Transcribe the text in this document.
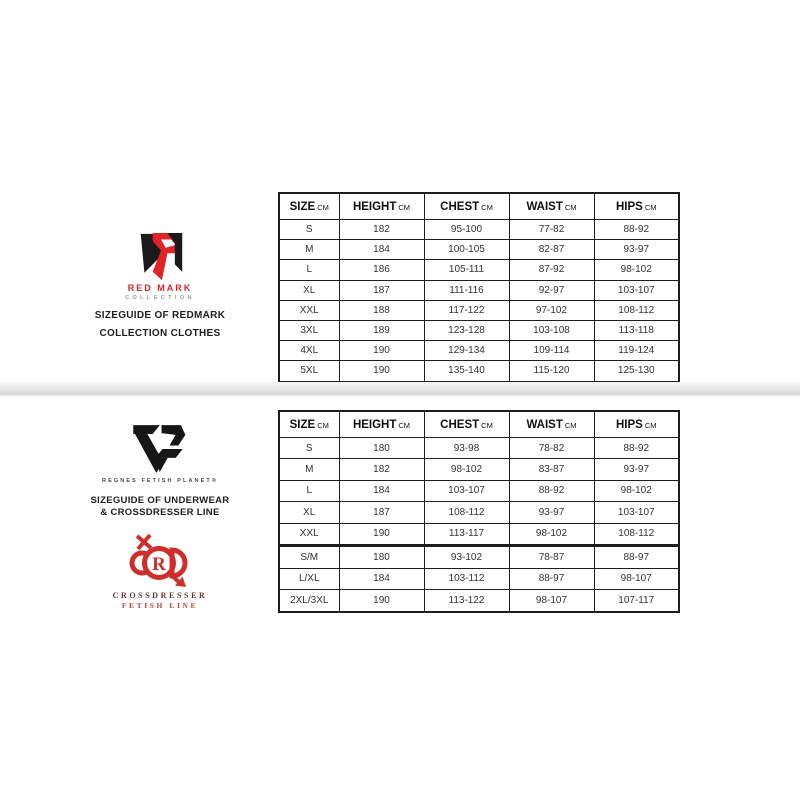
RED MARK
COLLECTION
SIZEGUIDE OF REDMARK
COLLECTION CLOTHES
SIZE CM	HEIGHT CM	CHEST CM	WAIST CM	HIPS CM
S	182	95-100	77-82	88-92
M	184	100-105	82-87	93-97
L	186	105-111	87-92	98-102
XL	187	111-116	92-97	103-107
XXL	188	117-122	97-102	108-112
3XL	189	123-128	103-108	113-118
4XL	190	129-134	109-114	119-124
5XL	190	135-140	115-120	125-130
REGNES FETISH PLANET®
SIZEGUIDE OF UNDERWEAR
& CROSSDRESSER LINE
SIZE CM	HEIGHT CM	CHEST CM	WAIST CM	HIPS CM
S	180	93-98	78-82	88-92
M	182	98-102	83-87	93-97
L	184	103-107	88-92	98-102
XL	187	108-112	93-97	103-107
XXL	190	113-117	98-102	108-112
R
CROSSDRESSER
FETISH LINE
S/M	180	93-102	78-87	88-97
L/XL	184	103-112	88-97	98-107
2XL/3XL	190	113-122	98-107	107-117
